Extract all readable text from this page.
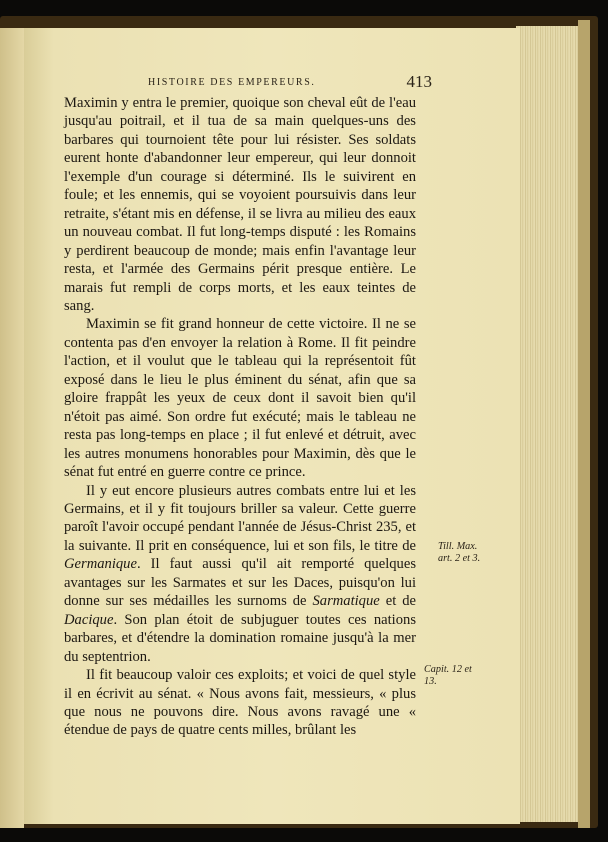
HISTOIRE DES EMPEREURS.	413

Maximin y entra le premier, quoique son cheval eût de l'eau jusqu'au poitrail, et il tua de sa main quelques-uns des barbares qui tournoient tête pour lui résister. Ses soldats eurent honte d'abandonner leur empereur, qui leur donnoit l'exemple d'un courage si déterminé. Ils le suivirent en foule; et les ennemis, qui se voyoient poursuivis dans leur retraite, s'étant mis en défense, il se livra au milieu des eaux un nouveau combat. Il fut long-temps disputé : les Romains y perdirent beaucoup de monde; mais enfin l'avantage leur resta, et l'armée des Germains périt presque entière. Le marais fut rempli de corps morts, et les eaux teintes de sang.

Maximin se fit grand honneur de cette victoire. Il ne se contenta pas d'en envoyer la relation à Rome. Il fit peindre l'action, et il voulut que le tableau qui la représentoit fût exposé dans le lieu le plus éminent du sénat, afin que sa gloire frappât les yeux de ceux dont il savoit bien qu'il n'étoit pas aimé. Son ordre fut exécuté; mais le tableau ne resta pas long-temps en place ; il fut enlevé et détruit, avec les autres monumens honorables pour Maximin, dès que le sénat fut entré en guerre contre ce prince.

Il y eut encore plusieurs autres combats entre lui et les Germains, et il y fit toujours briller sa valeur. Cette guerre paroît l'avoir occupé pendant l'année de Jésus-Christ 235, et la suivante. Il prit en conséquence, lui et son fils, le titre de Germanique. Il faut aussi qu'il ait remporté quelques avantages sur les Sarmates et sur les Daces, puisqu'on lui donne sur ses médailles les surnoms de Sarmatique et de Dacique. Son plan étoit de subjuguer toutes ces nations barbares, et d'étendre la domination romaine jusqu'à la mer du septentrion.

Il fit beaucoup valoir ces exploits; et voici de quel style il en écrivit au sénat. « Nous avons fait, messieurs, « plus que nous ne pouvons dire. Nous avons ravagé une « étendue de pays de quatre cents milles, brûlant les

Till. Max.
art. 2 et 3.
Capit. 12 et
13.
